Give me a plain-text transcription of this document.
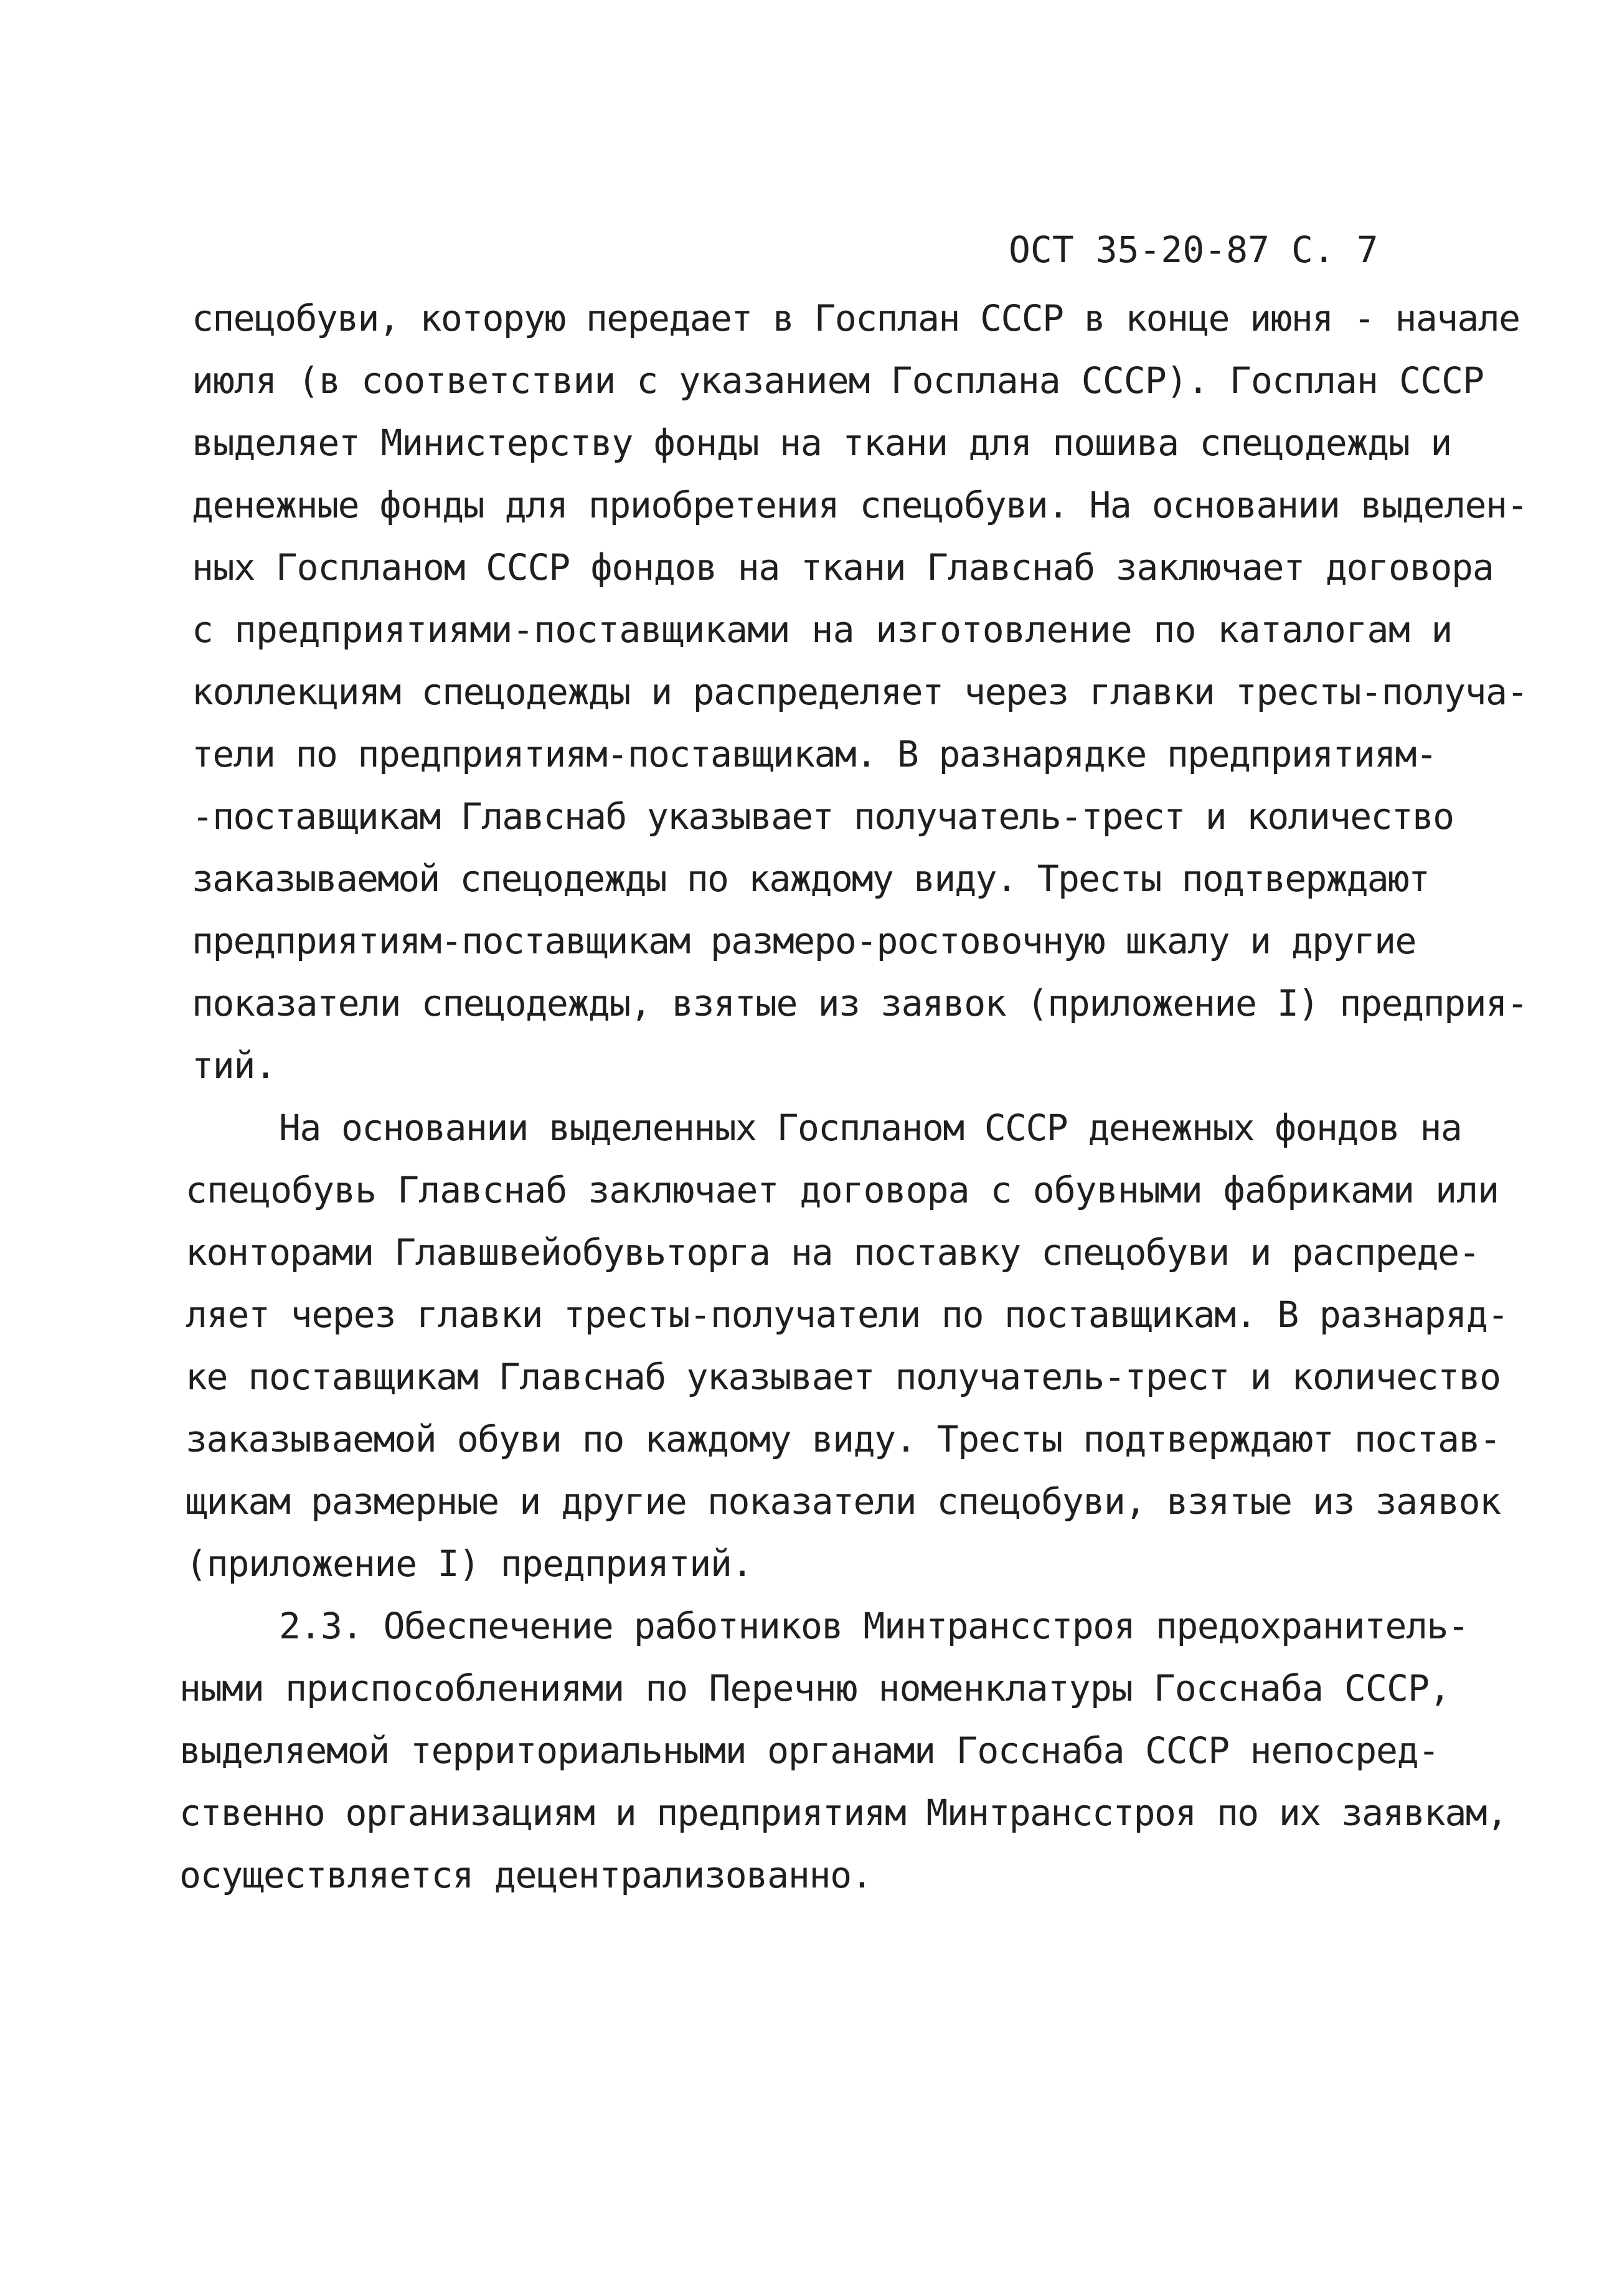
ОСТ 35-20-87 С. 7
спецобуви, которую передает в Госплан СССР в конце июня - начале
июля (в соответствии с указанием Госплана СССР). Госплан СССР
выделяет Министерству фонды на ткани для пошива спецодежды и
денежные фонды для приобретения спецобуви. На основании выделен-
ных Госпланом СССР фондов на ткани Главснаб заключает договора
с предприятиями-поставщиками на изготовление по каталогам и
коллекциям спецодежды и распределяет через главки тресты-получа-
тели по предприятиям-поставщикам. В разнарядке предприятиям-
-поставщикам Главснаб указывает получатель-трест и количество
заказываемой спецодежды по каждому виду. Тресты подтверждают
предприятиям-поставщикам размеро-ростовочную шкалу и другие
показатели спецодежды, взятые из заявок (приложение I) предприя-
тий.
На основании выделенных Госпланом СССР денежных фондов на
спецобувь Главснаб заключает договора с обувными фабриками или
конторами Главшвейобувьторга на поставку спецобуви и распреде-
ляет через главки тресты-получатели по поставщикам. В разнаряд-
ке поставщикам Главснаб указывает получатель-трест и количество
заказываемой обуви по каждому виду. Тресты подтверждают постав-
щикам размерные и другие показатели спецобуви, взятые из заявок
(приложение I) предприятий.
2.3. Обеспечение работников Минтрансстроя предохранитель-
ными приспособлениями по Перечню номенклатуры Госснаба СССР,
выделяемой территориальными органами Госснаба СССР непосред-
ственно организациям и предприятиям Минтрансстроя по их заявкам,
осуществляется децентрализованно.
